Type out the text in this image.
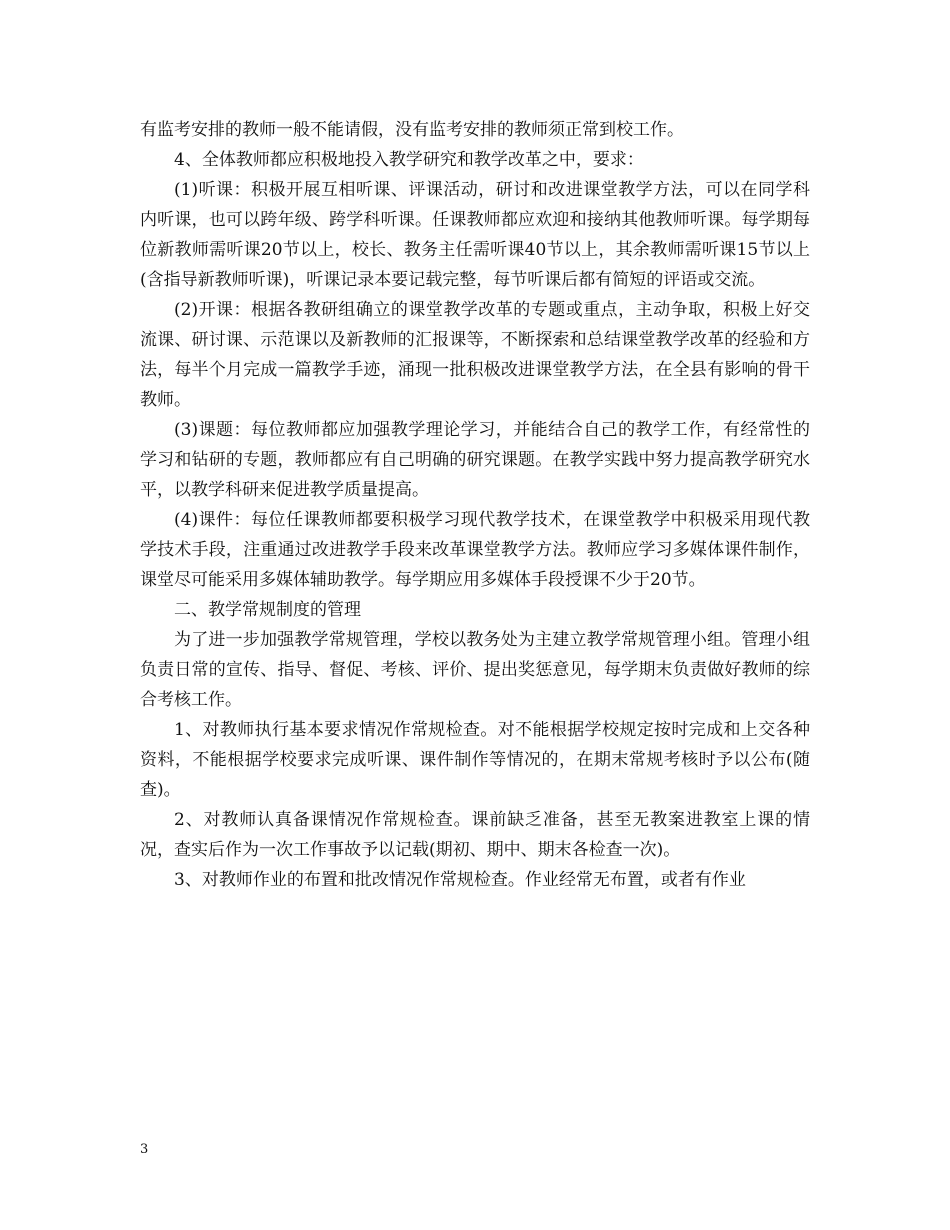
有监考安排的教师一般不能请假，没有监考安排的教师须正常到校工作。

4、全体教师都应积极地投入教学研究和教学改革之中，要求：

(1)听课：积极开展互相听课、评课活动，研讨和改进课堂教学方法，可以在同学科内听课，也可以跨年级、跨学科听课。任课教师都应欢迎和接纳其他教师听课。每学期每位新教师需听课20节以上，校长、教务主任需听课40节以上，其余教师需听课15节以上(含指导新教师听课)，听课记录本要记载完整，每节听课后都有简短的评语或交流。

(2)开课：根据各教研组确立的课堂教学改革的专题或重点，主动争取，积极上好交流课、研讨课、示范课以及新教师的汇报课等，不断探索和总结课堂教学改革的经验和方法，每半个月完成一篇教学手迹，涌现一批积极改进课堂教学方法，在全县有影响的骨干教师。

(3)课题：每位教师都应加强教学理论学习，并能结合自己的教学工作，有经常性的学习和钻研的专题，教师都应有自己明确的研究课题。在教学实践中努力提高教学研究水平，以教学科研来促进教学质量提高。

(4)课件：每位任课教师都要积极学习现代教学技术，在课堂教学中积极采用现代教学技术手段，注重通过改进教学手段来改革课堂教学方法。教师应学习多媒体课件制作，课堂尽可能采用多媒体辅助教学。每学期应用多媒体手段授课不少于20节。

二、教学常规制度的管理

为了进一步加强教学常规管理，学校以教务处为主建立教学常规管理小组。管理小组负责日常的宣传、指导、督促、考核、评价、提出奖惩意见，每学期末负责做好教师的综合考核工作。

1、对教师执行基本要求情况作常规检查。对不能根据学校规定按时完成和上交各种资料，不能根据学校要求完成听课、课件制作等情况的，在期末常规考核时予以公布(随查)。

2、对教师认真备课情况作常规检查。课前缺乏准备，甚至无教案进教室上课的情况，查实后作为一次工作事故予以记载(期初、期中、期末各检查一次)。

3、对教师作业的布置和批改情况作常规检查。作业经常无布置，或者有作业

3
